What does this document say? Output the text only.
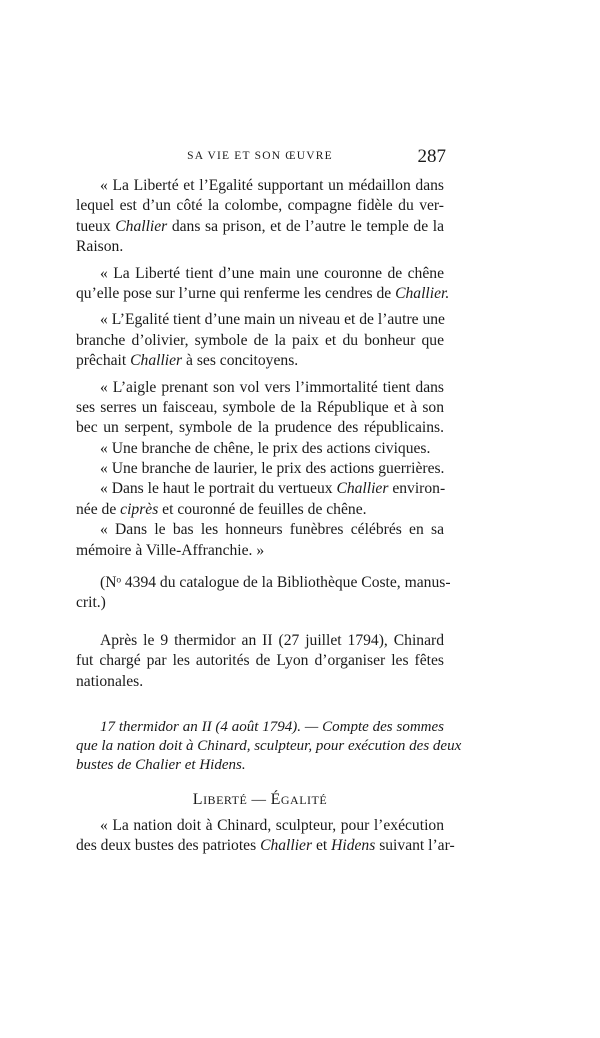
SA VIE ET SON ŒUVRE	287
« La Liberté et l’Egalité supportant un médaillon dans
lequel est d’un côté la colombe, compagne fidèle du ver-
tueux Challier dans sa prison, et de l’autre le temple de la
Raison.
« La Liberté tient d’une main une couronne de chêne
qu’elle pose sur l’urne qui renferme les cendres de Challier.
« L’Egalité tient d’une main un niveau et de l’autre une
branche d’olivier, symbole de la paix et du bonheur que
prêchait Challier à ses concitoyens.
« L’aigle prenant son vol vers l’immortalité tient dans
ses serres un faisceau, symbole de la République et à son
bec un serpent, symbole de la prudence des républicains.
« Une branche de chêne, le prix des actions civiques.
« Une branche de laurier, le prix des actions guerrières.
« Dans le haut le portrait du vertueux Challier environ-
née de ciprès et couronné de feuilles de chêne.
« Dans le bas les honneurs funèbres célébrés en sa
mémoire à Ville-Affranchie. »
(Nᵒ 4394 du catalogue de la Bibliothèque Coste, manus-
crit.)
Après le 9 thermidor an II (27 juillet 1794), Chinard
fut chargé par les autorités de Lyon d’organiser les fêtes
nationales.
17 thermidor an II (4 août 1794). — Compte des sommes
que la nation doit à Chinard, sculpteur, pour exécution des deux
bustes de Chalier et Hidens.
LIBERTÉ — ÉGALITÉ
« La nation doit à Chinard, sculpteur, pour l’exécution
des deux bustes des patriotes Challier et Hidens suivant l’ar-
